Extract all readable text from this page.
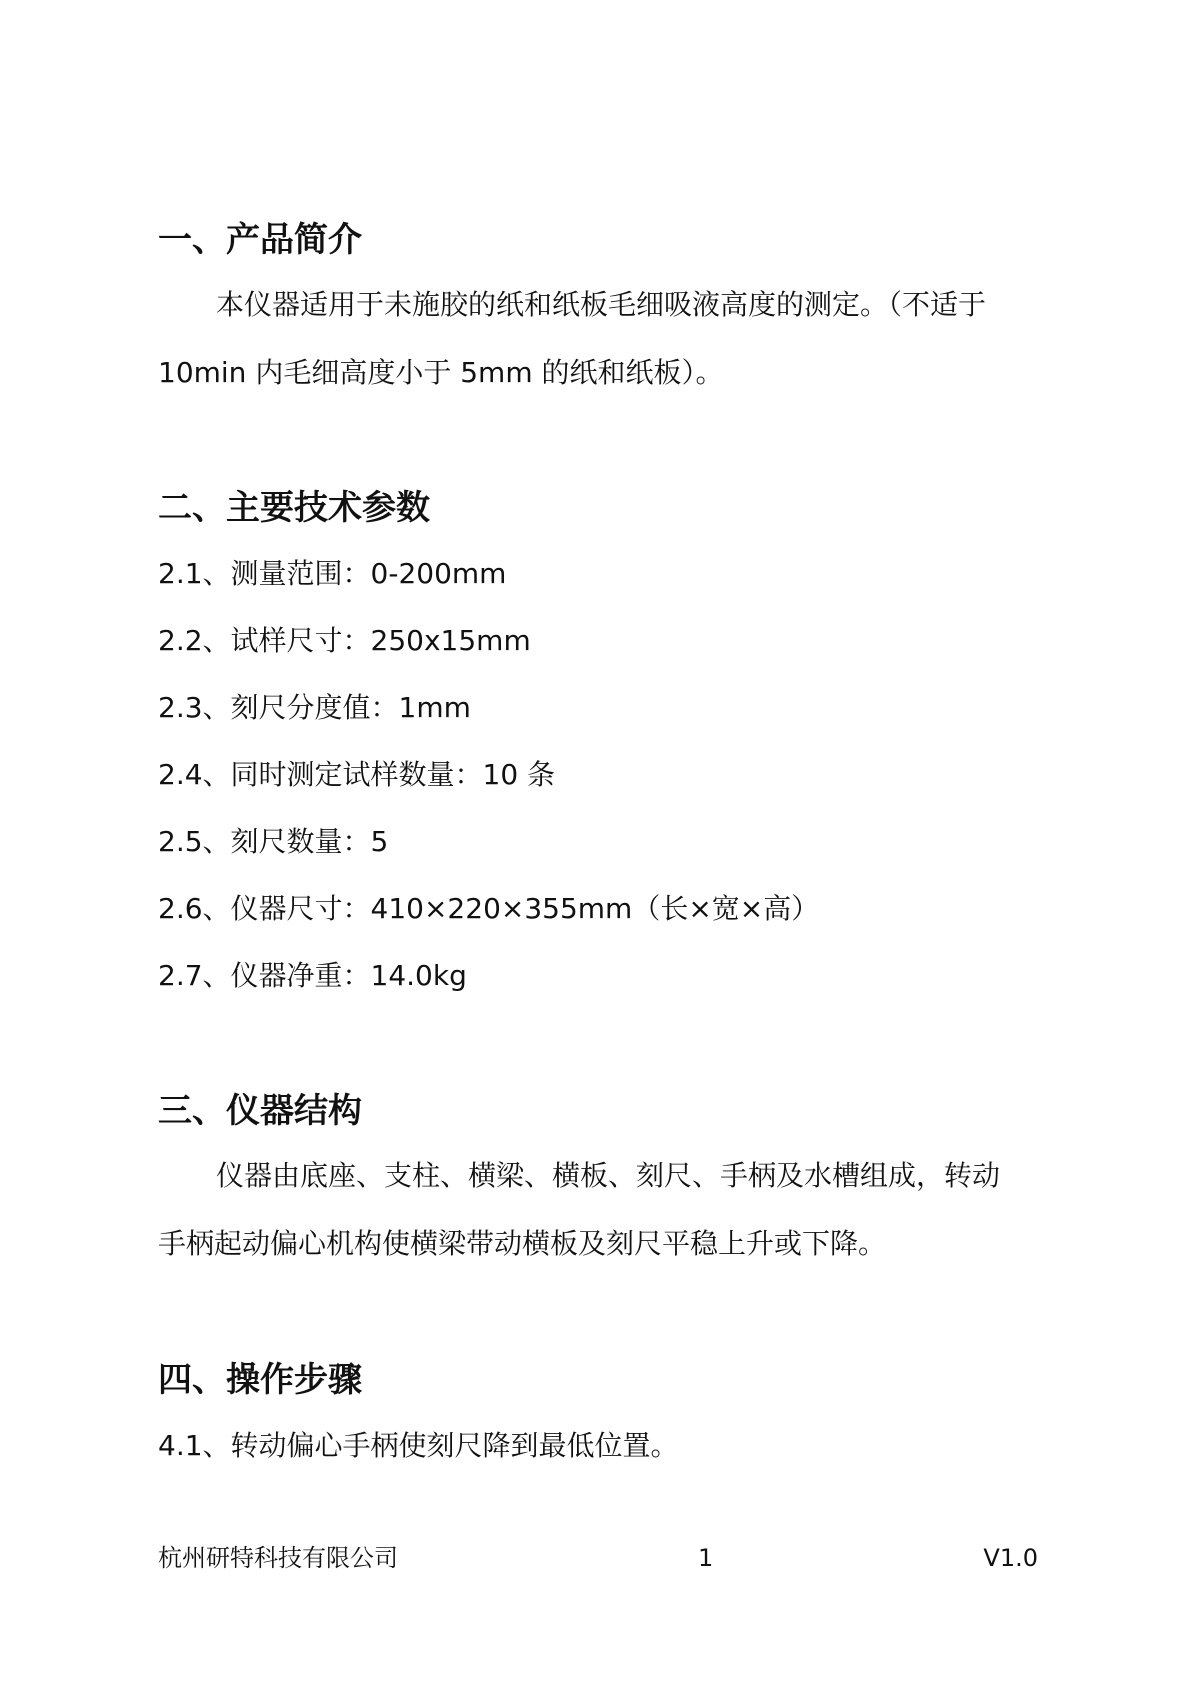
一、产品简介
本仪器适用于未施胶的纸和纸板毛细吸液高度的测定。（不适于
10min 内毛细高度小于 5mm 的纸和纸板）。
二、主要技术参数
2.1、测量范围：0-200mm
2.2、试样尺寸：250x15mm
2.3、刻尺分度值：1mm
2.4、同时测定试样数量：10 条
2.5、刻尺数量：5
2.6、仪器尺寸：410×220×355mm（长×宽×高）
2.7、仪器净重：14.0kg
三、仪器结构
仪器由底座、支柱、横梁、横板、刻尺、手柄及水槽组成，转动
手柄起动偏心机构使横梁带动横板及刻尺平稳上升或下降。
四、操作步骤
4.1、转动偏心手柄使刻尺降到最低位置。
杭州研特科技有限公司	1	V1.0
